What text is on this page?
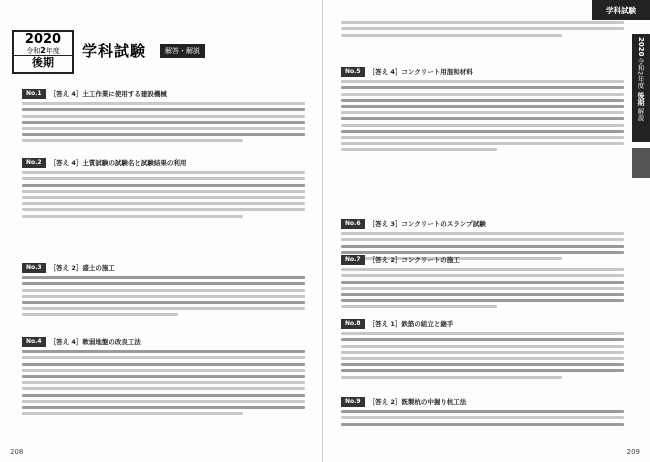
2020
令和2年度
後期
学科試験	解答・解説
No.1	［答え 4］土工作業に使用する建設機械
No.2	［答え 4］土質試験の試験名と試験結果の利用
No.3	［答え 2］盛土の施工
No.4	［答え 4］軟弱地盤の改良工法
208
学科試験
2020
令和2年度
後期
解説
No.5	［答え 4］コンクリート用混和材料
No.6	［答え 3］コンクリートのスランプ試験
No.7	［答え 2］コンクリートの施工
No.8	［答え 1］鉄筋の組立と継手
No.9	［答え 2］既製杭の中掘り杭工法
209
